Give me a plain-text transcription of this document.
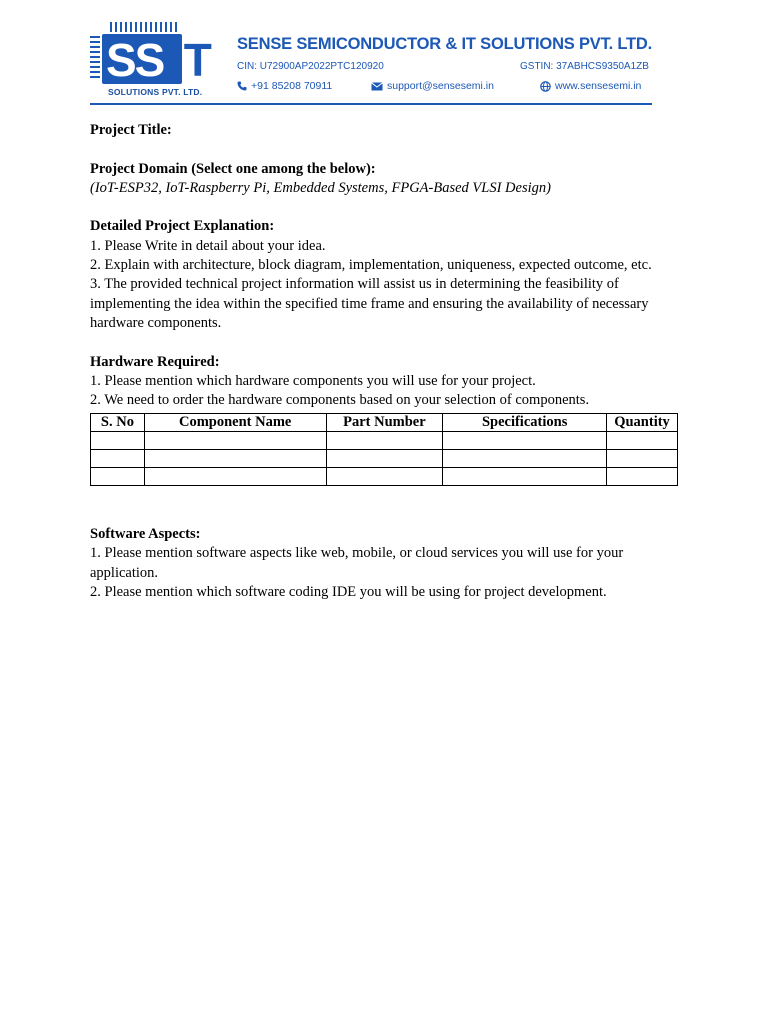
SS iT
SOLUTIONS PVT. LTD.
SENSE SEMICONDUCTOR & IT SOLUTIONS PVT. LTD.
CIN: U72900AP2022PTC120920	GSTIN: 37ABHCS9350A1ZB
+91 85208 70911	support@sensesemi.in	www.sensesemi.in

Project Title:

Project Domain (Select one among the below):

(IoT-ESP32, IoT-Raspberry Pi, Embedded Systems, FPGA-Based VLSI Design)

Detailed Project Explanation:

1. Please Write in detail about your idea.

2. Explain with architecture, block diagram, implementation, uniqueness, expected outcome, etc.

3. The provided technical project information will assist us in determining the feasibility of implementing the idea within the specified time frame and ensuring the availability of necessary hardware components.

Hardware Required:

1. Please mention which hardware components you will use for your project.

2. We need to order the hardware components based on your selection of components.

S. No	Component Name	Part Number	Specifications	Quantity

Software Aspects:

1. Please mention software aspects like web, mobile, or cloud services you will use for your application.

2. Please mention which software coding IDE you will be using for project development.
